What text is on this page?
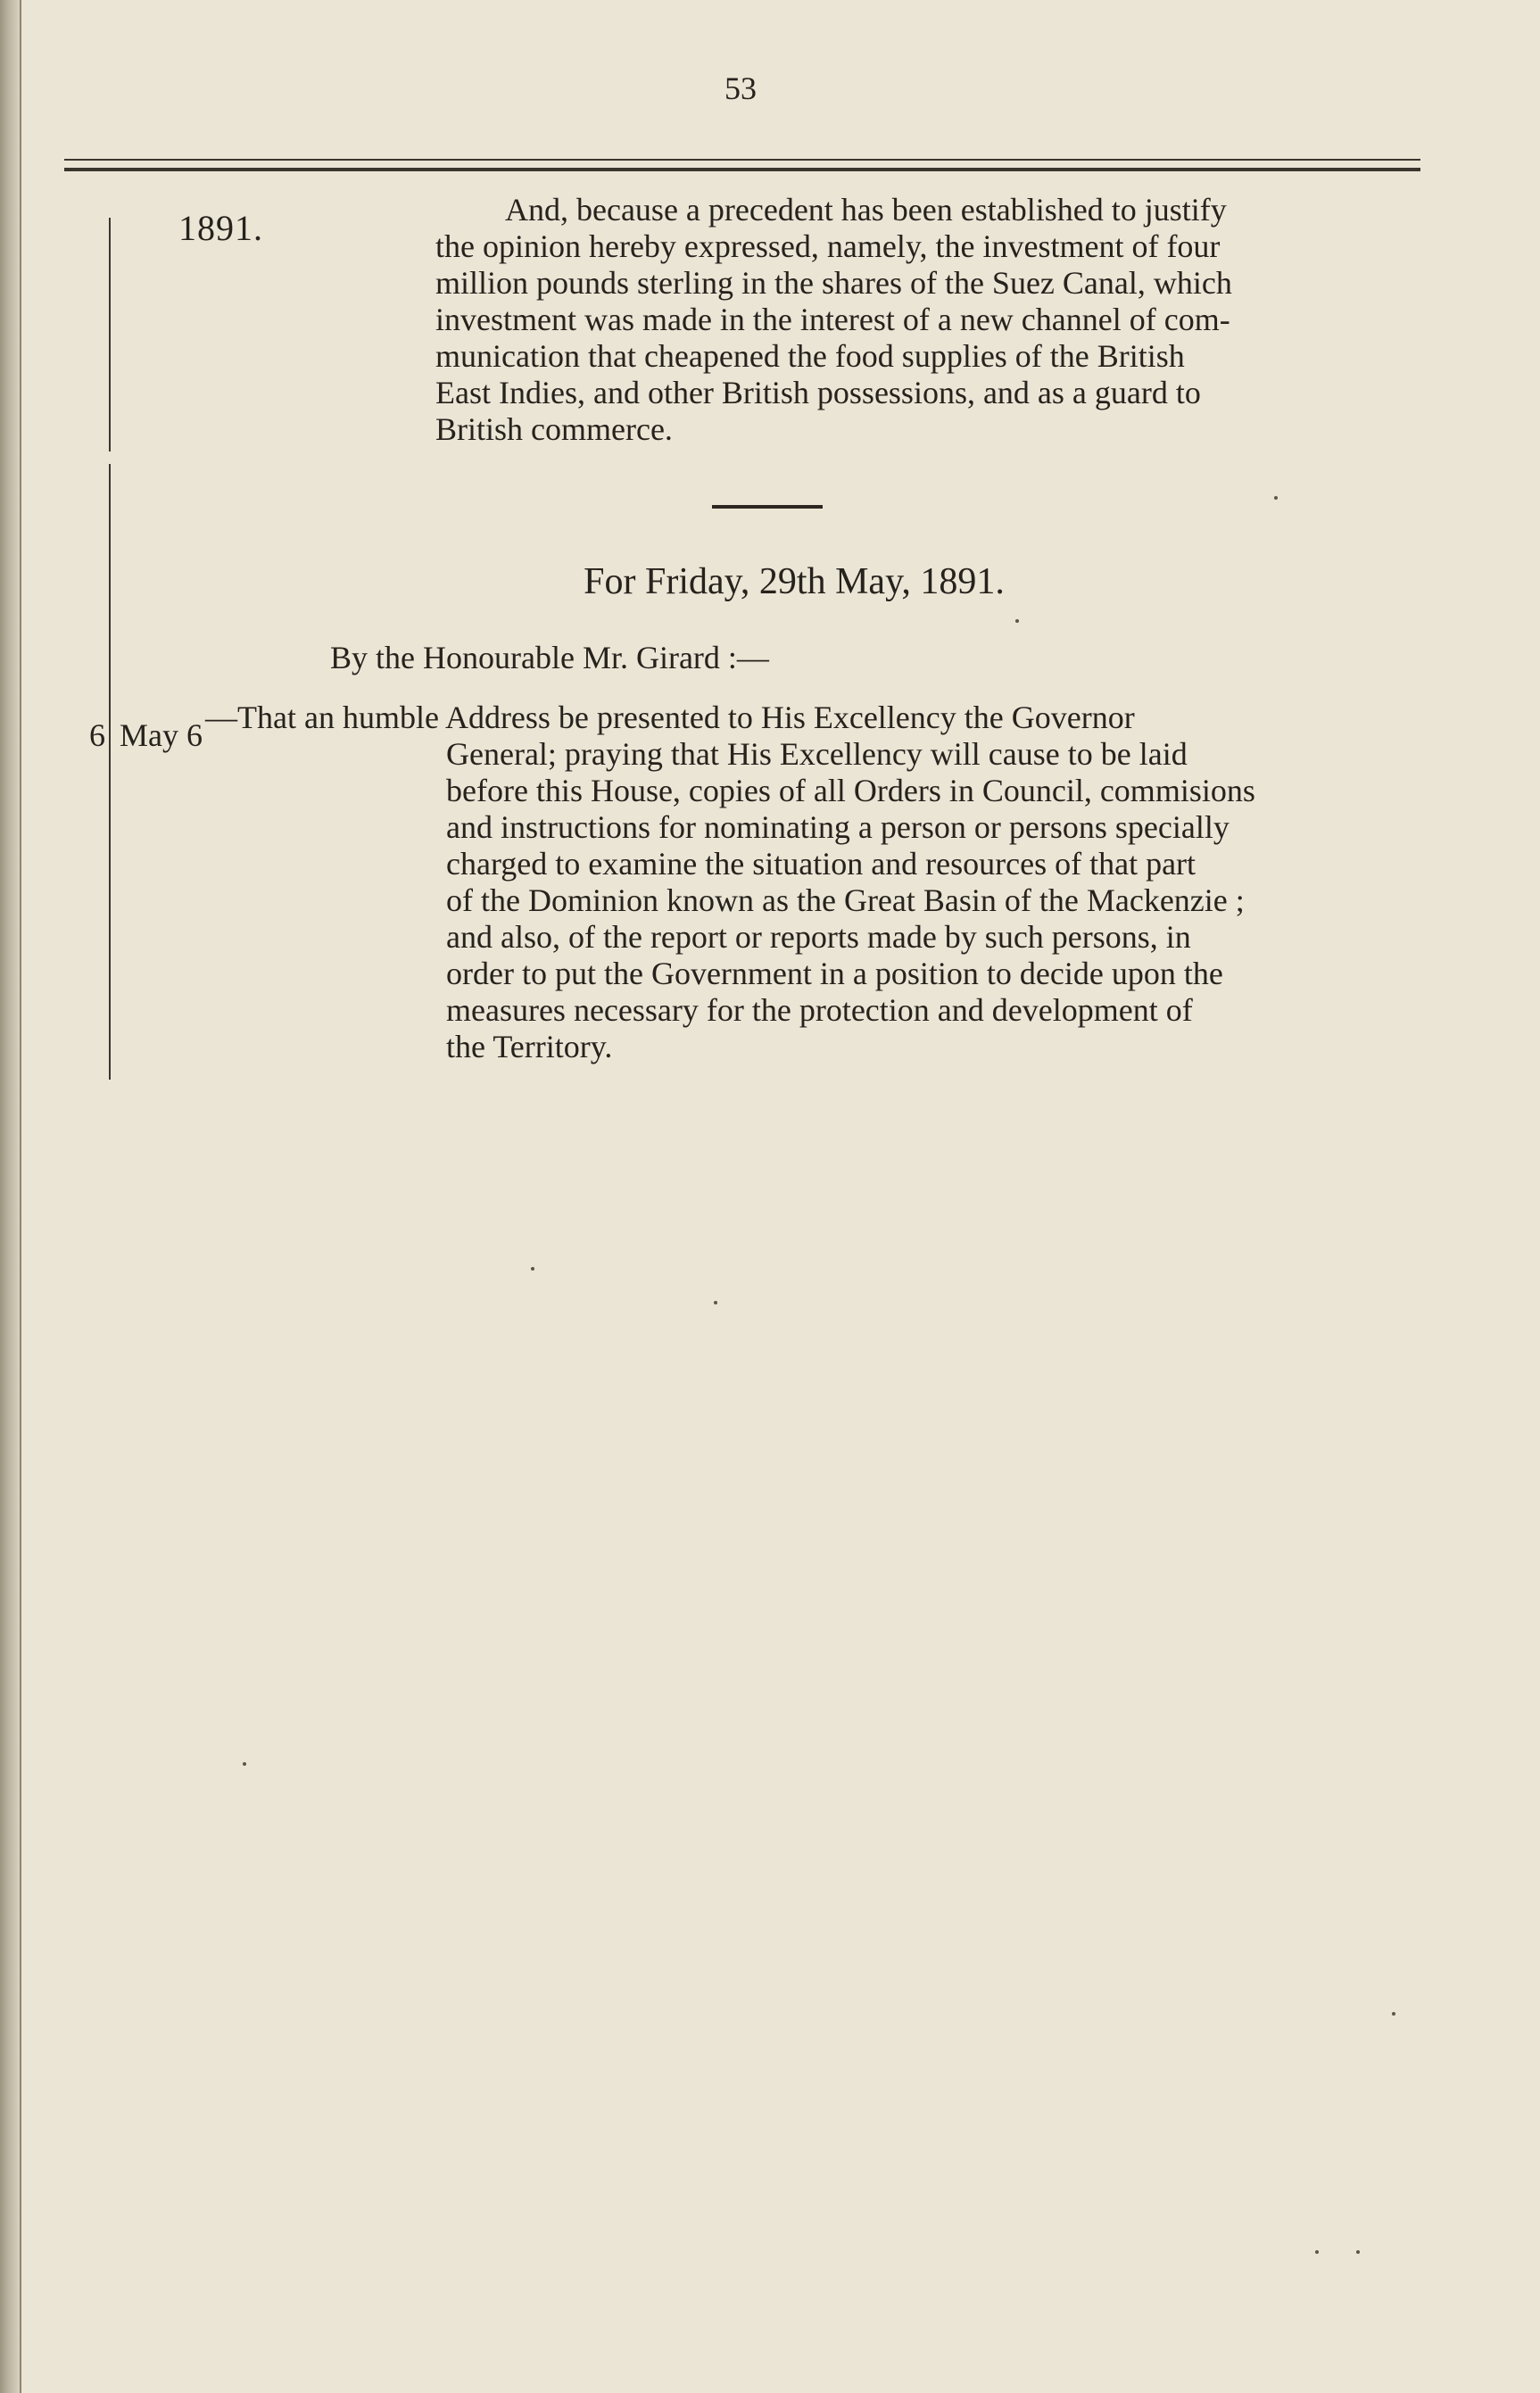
53
1891.	And, because a precedent has been established to justify
the opinion hereby expressed, namely, the investment of four
million pounds sterling in the shares of the Suez Canal, which
investment was made in the interest of a new channel of com-
munication that cheapened the food supplies of the British
East Indies, and other British possessions, and as a guard to
British commerce.
For Friday, 29th May, 1891.
By the Honourable Mr. Girard :—
6 May 6 —That an humble Address be presented to His Excellency the Governor
General; praying that His Excellency will cause to be laid
before this House, copies of all Orders in Council, commisions
and instructions for nominating a person or persons specially
charged to examine the situation and resources of that part
of the Dominion known as the Great Basin of the Mackenzie ;
and also, of the report or reports made by such persons, in
order to put the Government in a position to decide upon the
measures necessary for the protection and development of
the Territory.
